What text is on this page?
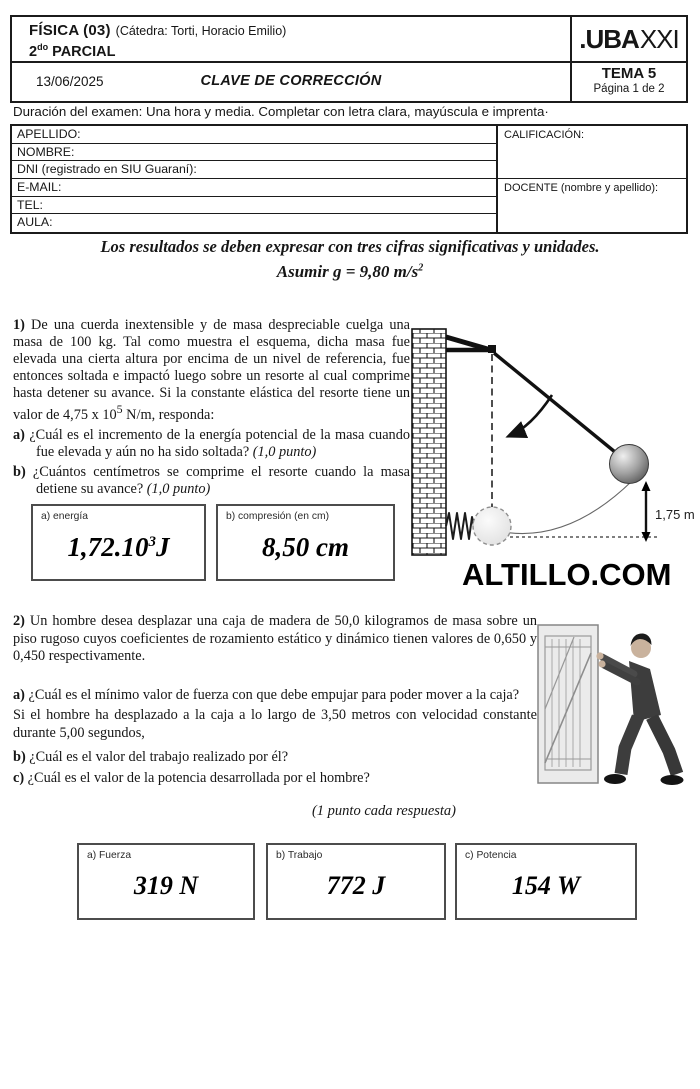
FÍSICA (03) (Cátedra: Torti, Horacio Emilio)
$2^{do}$ PARCIAL	.UBAXXI
13/06/2025	CLAVE DE CORRECCIÓN	TEMA 5
Página 1 de 2
Duración del examen: Una hora y media. Completar con letra clara, mayúscula e imprenta·
APELLIDO:
NOMBRE:
DNI (registrado en SIU Guaraní):
E-MAIL:
TEL:
AULA:
CALIFICACIÓN:
DOCENTE (nombre y apellido):
Los resultados se deben expresar con tres cifras significativas y unidades.
Asumir g = 9,80 $m/s^2$
1) De una cuerda inextensible y de masa despreciable cuelga una masa de 100 kg. Tal como muestra el esquema, dicha masa fue elevada una cierta altura por encima de un nivel de referencia, fue entonces soltada e impactó luego sobre un resorte al cual comprime hasta detener su avance. Si la constante elástica del resorte tiene un valor de 4,75 x $10^5$ N/m, responda:
a) ¿Cuál es el incremento de la energía potencial de la masa cuando fue elevada y aún no ha sido soltada? (1,0 punto)
b) ¿Cuántos centímetros se comprime el resorte cuando la masa detiene su avance? (1,0 punto)
1,75 m
a) energía
1,72.10 3 J
b) compresión (en cm)
8,50 cm
ALTILLO.COM
2) Un hombre desea desplazar una caja de madera de 50,0 kilogramos de masa sobre un piso rugoso cuyos coeficientes de rozamiento estático y dinámico tienen valores de 0,650 y 0,450 respectivamente.
a) ¿Cuál es el mínimo valor de fuerza con que debe empujar para poder mover a la caja?
Si el hombre ha desplazado a la caja a lo largo de 3,50 metros con velocidad constante durante 5,00 segundos,
b) ¿Cuál es el valor del trabajo realizado por él?
c) ¿Cuál es el valor de la potencia desarrollada por el hombre?
(1 punto cada respuesta)
a) Fuerza
319 N
b) Trabajo
772 J
c) Potencia
154 W
